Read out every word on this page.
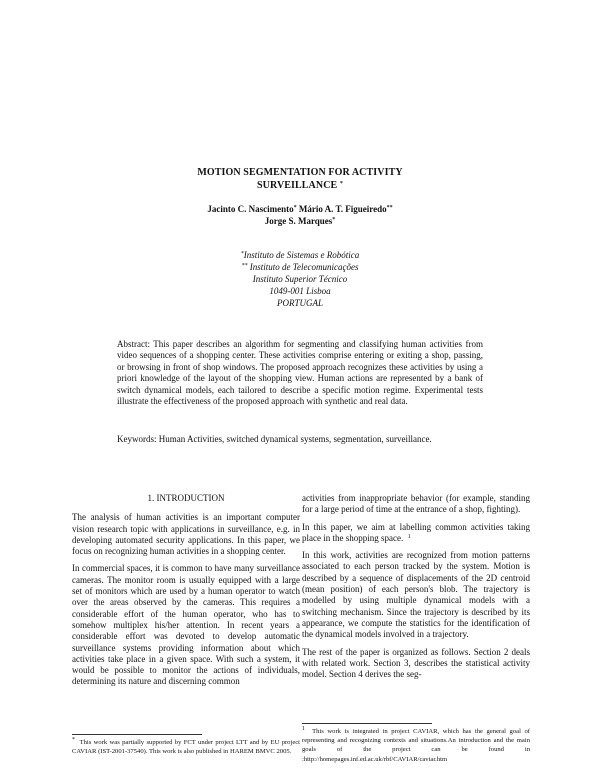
MOTION SEGMENTATION FOR ACTIVITY
SURVEILLANCE *
Jacinto C. Nascimento* Mário A. T. Figueiredo**
Jorge S. Marques*
*Instituto de Sistemas e Robótica
** Instituto de Telecomunicações
Instituto Superior Técnico
1049-001 Lisboa
PORTUGAL
Abstract: This paper describes an algorithm for segmenting and classifying human activities from video sequences of a shopping center. These activities comprise entering or exiting a shop, passing, or browsing in front of shop windows. The proposed approach recognizes these activities by using a priori knowledge of the layout of the shopping view. Human actions are represented by a bank of switch dynamical models, each tailored to describe a specific motion regime. Experimental tests illustrate the effectiveness of the proposed approach with synthetic and real data.
Keywords: Human Activities, switched dynamical systems, segmentation, surveillance.

1. INTRODUCTION

The analysis of human activities is an important computer vision research topic with applications in surveillance, e.g. in developing automated security applications. In this paper, we focus on recognizing human activities in a shopping center.

In commercial spaces, it is common to have many surveillance cameras. The monitor room is usually equipped with a large set of monitors which are used by a human operator to watch over the areas observed by the cameras. This requires a considerable effort of the human operator, who has to somehow multiplex his/her attention. In recent years a considerable effort was devoted to develop automatic surveillance systems providing information about which activities take place in a given space. With such a system, it would be possible to monitor the actions of individuals, determining its nature and discerning common

* This work was partially supported by FCT under project LTT and by EU project CAVIAR (IST-2001-37540). This work is also published in HAREM BMVC 2005.

activities from inappropriate behavior (for example, standing for a large period of time at the entrance of a shop, fighting).

In this paper, we aim at labelling common activities taking place in the shopping space. $^1$

In this work, activities are recognized from motion patterns associated to each person tracked by the system. Motion is described by a sequence of displacements of the 2D centroid (mean position) of each person's blob. The trajectory is modelled by using multiple dynamical models with a switching mechanism. Since the trajectory is described by its appearance, we compute the statistics for the identification of the dynamical models involved in a trajectory.

The rest of the paper is organized as follows. Section 2 deals with related work. Section 3, describes the statistical activity model. Section 4 derives the seg-

$^1$ This work is integrated in project CAVIAR, which has the general goal of representing and recognizing contexts and situations.An introduction and the main goals of the project can be found in :http://homepages.inf.ed.ac.uk/rbf/CAVIAR/caviar.htm
